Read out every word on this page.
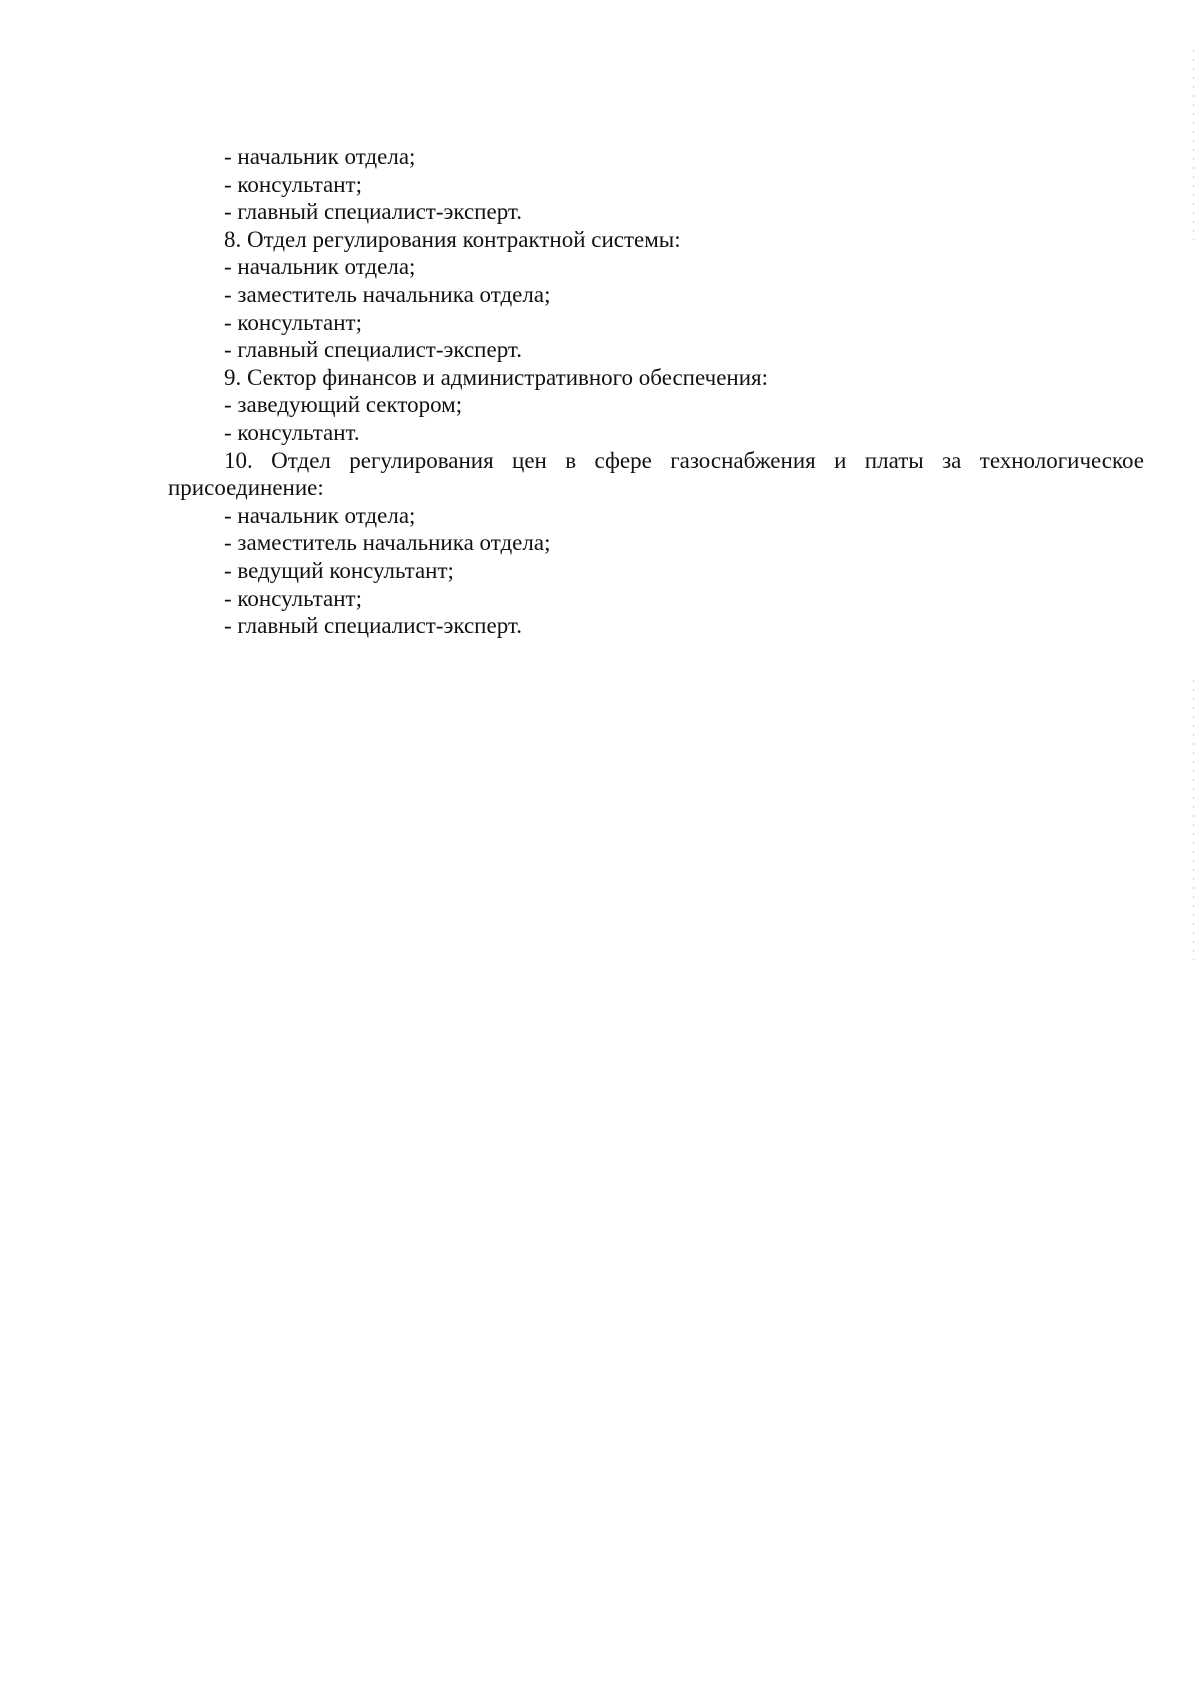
- начальник отдела;

- консультант;

- главный специалист-эксперт.

8. Отдел регулирования контрактной системы:

- начальник отдела;

- заместитель начальника отдела;

- консультант;

- главный специалист-эксперт.

9. Сектор финансов и административного обеспечения:

- заведующий сектором;

- консультант.

10. Отдел регулирования цен в сфере газоснабжения и платы за технологическое присоединение:

- начальник отдела;

- заместитель начальника отдела;

- ведущий консультант;

- консультант;

- главный специалист-эксперт.
